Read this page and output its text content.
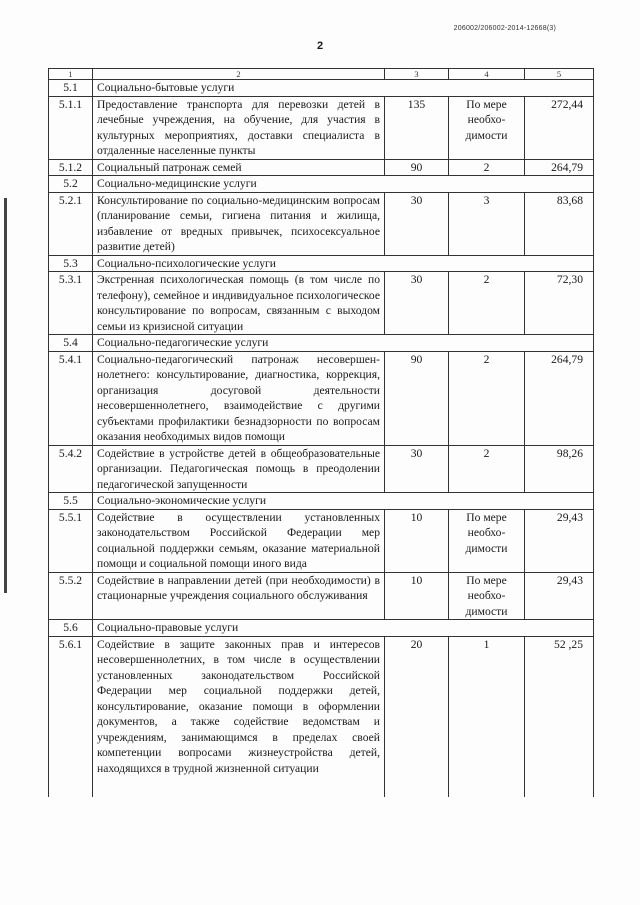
206002/206002-2014-12668(3)
2
1	2	3	4	5
5.1	Социально-бытовые услуги			
5.1.1	Предоставление транспорта для перевозки детей в лечебные учреждения, на обучение, для участия в культурных мероприятиях, доставки специалиста в отдаленные населенные пункты	135	По мере необходимости	272,44
5.1.2	Социальный патронаж семей	90	2	264,79
5.2	Социально-медицинские услуги			
5.2.1	Консультирование по социально-медицинским вопросам (планирование семьи, гигиена питания и жилища, избавление от вредных привычек, психосексуальное развитие детей)	30	3	83,68
5.3	Социально-психологические услуги			
5.3.1	Экстренная психологическая помощь (в том числе по телефону), семейное и индивидуальное психологическое консультирование по вопросам, связанным с выходом семьи из кризисной ситуации	30	2	72,30
5.4	Социально-педагогические услуги			
5.4.1	Социально-педагогический патронаж несовершеннолетнего: консультирование, диагностика, коррекция, организация досуговой деятельности несовершеннолетнего, взаимодействие с другими субъектами профилактики безнадзорности по вопросам оказания необходимых видов помощи	90	2	264,79
5.4.2	Содействие в устройстве детей в общеобразовательные организации. Педагогическая помощь в преодолении педагогической запущенности	30	2	98,26
5.5	Социально-экономические услуги			
5.5.1	Содействие в осуществлении установленных законодательством Российской Федерации мер социальной поддержки семьям, оказание материальной помощи и социальной помощи иного вида	10	По мере необходимости	29,43
5.5.2	Содействие в направлении детей (при необходимости) в стационарные учреждения социального обслуживания	10	По мере необходимости	29,43
5.6	Социально-правовые услуги			
5.6.1	Содействие в защите законных прав и интересов несовершеннолетних, в том числе в осуществлении установленных законодательством Российской Федерации мер социальной поддержки детей, консультирование, оказание помощи в оформлении документов, а также содействие ведомствам и учреждениям, занимающимся в пределах своей компетенции вопросами жизнеустройства детей, находящихся в трудной жизненной ситуации	20	1	52 ,25
